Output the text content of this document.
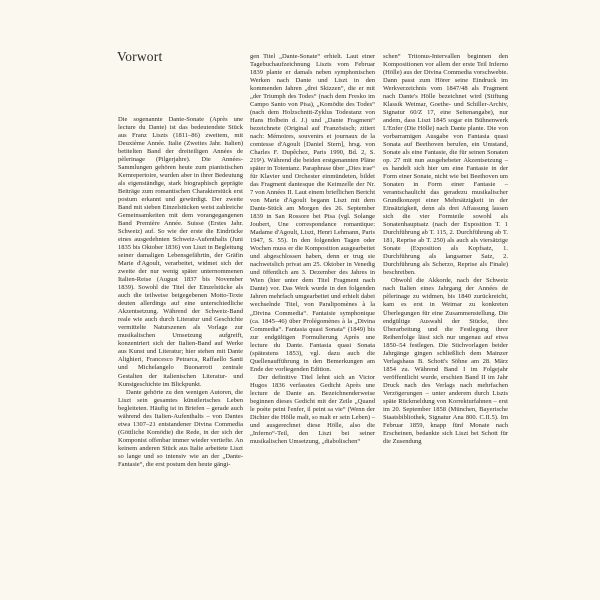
Vorwort

Die sogenannte Dante-Sonate (Après une lecture du Dante) ist das bedeutendste Stück aus Franz Liszts (1811–86) zweitem, mit Deuxième Année. Italie (Zweites Jahr. Italien) betitelten Band der dreiteiligen Années de pèlerinage (Pilgerjahre). Die Années-Sammlungen gehören heute zum pianistischen Kernrepertoire, wurden aber in ihrer Bedeutung als eigenständige, stark biographisch geprägte Beiträge zum romantischen Charakterstück erst postum erkannt und gewürdigt. Der zweite Band mit sieben Einzelstücken weist zahlreiche Gemeinsamkeiten mit dem vorangegangenen Band Première Année. Suisse (Erstes Jahr. Schweiz) auf. So wie der erste die Eindrücke eines ausgedehnten Schweiz-Aufenthalts (Juni 1835 bis Oktober 1836) von Liszt in Begleitung seiner damaligen Lebensgefährtin, der Gräfin Marie d'Agoult, verarbeitet, widmet sich der zweite der nur wenig später unternommenen Italien-Reise (August 1837 bis November 1839). Sowohl die Titel der Einzelstücke als auch die teilweise beigegebenen Motto-Texte deuten allerdings auf eine unterschiedliche Akzentsetzung. Während der Schweiz-Band reale wie auch durch Literatur und Geschichte vermittelte Naturszenen als Vorlage zur musikalischen Umsetzung aufgreift, konzentriert sich der Italien-Band auf Werke aus Kunst und Literatur; hier stehen mit Dante Alighieri, Francesco Petrarca, Raffaello Santi und Michelangelo Buonarroti zentrale Gestalten der italienischen Literatur- und Kunstgeschichte im Blickpunkt.

Dante gehörte zu den wenigen Autoren, die Liszt sein gesamtes künstlerisches Leben begleiteten. Häufig ist in Briefen – gerade auch während des Italien-Aufenthalts – von Dantes etwa 1307–21 entstandener Divina Commedia (Göttliche Komödie) die Rede, in der sich der Komponist offenbar immer wieder vertiefte. An keinem anderen Stück aus Italie arbeitete Liszt so lange und so intensiv wie an der „Dante-Fantasie“, die erst postum den heute gängi-

gen Titel „Dante-Sonate“ erhielt. Laut einer Tagebuchaufzeichnung Liszts vom Februar 1839 plante er damals neben symphonischen Werken nach Dante und Liszt in den kommenden Jahren „drei Skizzen“, die er mit „der Triumph des Todes“ (nach dem Fresko im Campo Santo von Pisa), „Komödie des Todes“ (nach dem Holzschnitt-Zyklus Todestanz von Hans Holbein d. J.) und „Dante Fragment“ bezeichnete (Original auf Französisch; zitiert nach: Mémoires, souvenirs et journaux de la comtesse d'Agoult [Daniel Stern], hrsg. von Charles F. Dupêchez, Paris 1990, Bd. 2, S. 219¹). Während die beiden erstgenannten Pläne später in Totentanz. Paraphrase über „Dies irae“ für Klavier und Orchester einmündeten, bildet das Fragment dantesque die Keimzelle der Nr. 7 von Années II. Laut einem brieflichen Bericht von Marie d'Agoult begann Liszt mit dem Dante-Stück am Morgen des 26. September 1839 in San Rossore bei Pisa (vgl. Solange Joubert, Une correspondance romantique: Madame d'Agoult, Liszt, Henri Lehmann, Paris 1947, S. 55). In den folgenden Tagen oder Wochen muss er die Komposition ausgearbeitet und abgeschlossen haben, denn er trug sie nachweislich privat am 25. Oktober in Venedig und öffentlich am 3. Dezember des Jahres in Wien (hier unter dem Titel Fragment nach Dante) vor. Das Werk wurde in den folgenden Jahren mehrfach umgearbeitet und erhielt dabei wechselnde Titel, von Paralipomènes à la „Divina Commedia“. Fantaisie symphonique (ca. 1845–46) über Prolégomènes à la „Divina Commedia“. Fantasia quasi Sonata“ (1849) bis zur endgültigen Formulierung Après une lecture du Dante. Fantasia quasi Sonata (spätestens 1853), vgl. dazu auch die Quellenaufführung in den Bemerkungen am Ende der vorliegenden Edition.

Der definitive Titel lehnt sich an Victor Hugos 1836 verfasstes Gedicht Après une lecture de Dante an. Bezeichnenderweise beginnen dieses Gedicht mit der Zeile „Quand le poète peint l'enfer, il peint sa vie“ (Wenn der Dichter die Hölle malt, so malt er sein Leben) – und ausgerechnet diese Hölle, also die „Inferno“-Teil, den Liszt bei seiner musikalischen Umsetzung, „diabolischen“

schen“ Tritonus-Intervallen beginnen den Kompositionen vor allem der erste Teil Inferno (Hölle) aus der Divina Commedia vorschwebte. Dann passt zum Hörer seine Eindruck im Werkverzeichnis vom 1847/48 als Fragment nach Dante's Hölle bezeichnet wird (Stiftung Klassik Weimar, Goethe- und Schiller-Archiv, Signatur 60/Z 17, eine Seitenangabe), nur andem, dass Liszt 1845 sogar ein Bühnenwerk L'Enfer (Die Hölle) nach Dante plante. Die von vorbarramigen Ausgabe von Fantasia quasi Sonata auf Beethoven berufen, ein Umstand, Sonate als eine Fantasie, die für seinen Sonaten op. 27 mit nun ausgehebeter Akzentsetzung – es handelt sich hier um eine Fantasie in der Form einer Sonate, nicht wie bei Beethoven um Sonaten in Form einer Fantasie – verantschaulicht das geradezu musikalischer Grundkonzept einer Mehrsätzigkeit in der Einsätzigkeit, denn als drei Affassung lassen sich die vier Formteile sowohl als Sonatenhauptsatz (nach der Exposition T. 1 Durchführung ab T. 115, 2. Durchführung ab T. 181, Reprise ab T. 250) als auch als viersätzige Sonate (Exposition als Kopfsatz, 1. Durchführung als langsamer Satz, 2. Durchführung als Scherzo, Reprise als Finale) beschreiben.

Obwohl die Akkorde, nach der Schweiz nach Italien eines Jahrgang der Années de pèlerinage zu widmen, bis 1840 zurückreicht, kam es erst in Weimar zu konkreten Überlegungen für eine Zusammenstellung. Die endgültige Auswahl der Stücke, ihre Überarbeitung und die Festlegung ihrer Reihenfolge lässt sich nur ungenau auf etwa 1850–54 festlegen. Die Stichvorlagen beider Jahrgänge gingen schließlich dem Mainzer Verlagshaus B. Schott's Söhne am 28. März 1854 zu. Während Band I im Folgejahr veröffentlicht wurde, erschien Band II im Jahr Druck nach des Verlags nach mehrfachen Verzögerungen – unter anderem durch Liszts späte Rückmeldung von Korrekturfahnen – erst im 20. September 1858 (München, Bayerische Staatsbibliothek, Signatur Ana 800. C.II.5). Im Februar 1859, knapp fünf Monate nach Erscheinen, bedankte sich Liszt bei Schott für die Zusendung
